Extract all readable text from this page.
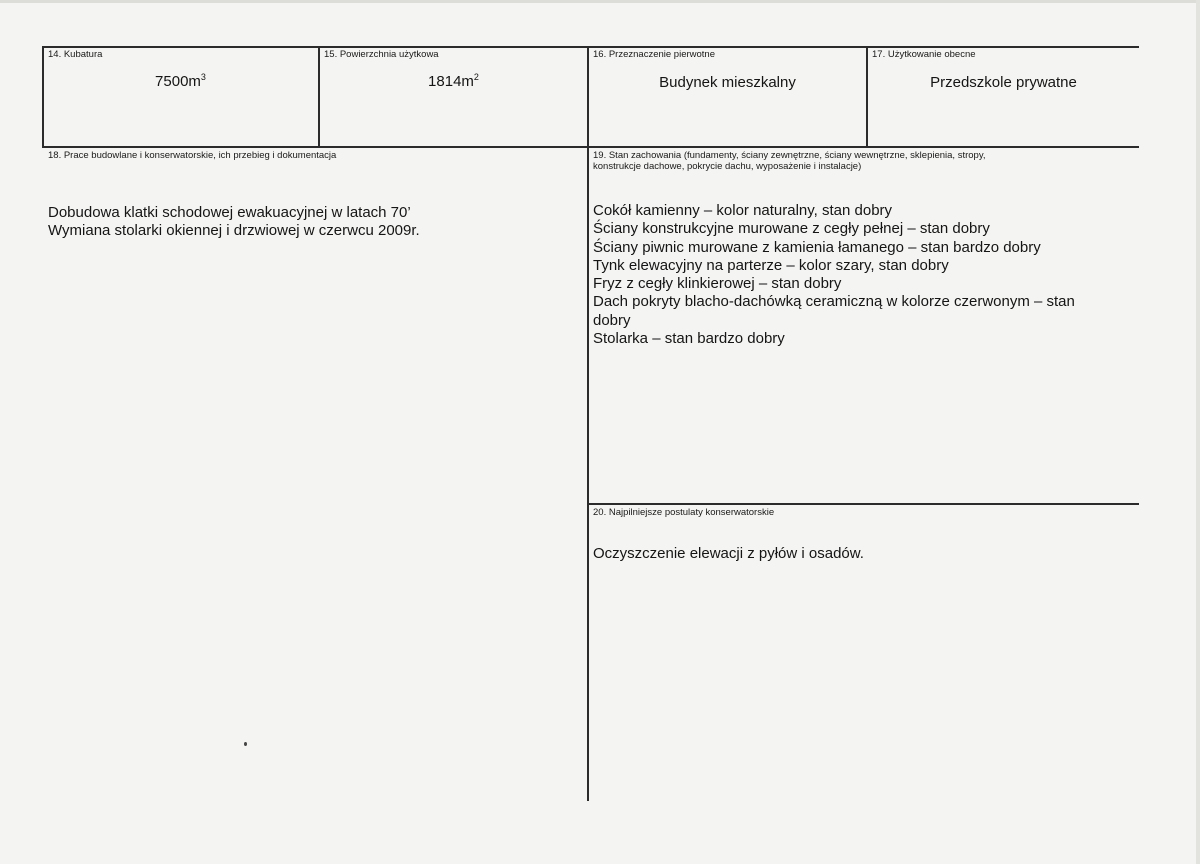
14. Kubatura
$7500m^3$
15. Powierzchnia użytkowa
$1814m^2$
16. Przeznaczenie pierwotne
Budynek mieszkalny
17. Użytkowanie obecne
Przedszkole prywatne
18. Prace budowlane i konserwatorskie, ich przebieg i dokumentacja
Dobudowa klatki schodowej ewakuacyjnej w latach 70’
Wymiana stolarki okiennej i drzwiowej w czerwcu 2009r.
19. Stan zachowania (fundamenty, ściany zewnętrzne, ściany wewnętrzne, sklepienia, stropy,
konstrukcje dachowe, pokrycie dachu, wyposażenie i instalacje)
Cokół kamienny – kolor naturalny, stan dobry
Ściany konstrukcyjne murowane z cegły pełnej – stan dobry
Ściany piwnic murowane z kamienia łamanego – stan bardzo dobry
Tynk elewacyjny na parterze – kolor szary, stan dobry
Fryz z cegły klinkierowej – stan dobry
Dach pokryty blacho-dachówką ceramiczną w kolorze czerwonym – stan
dobry
Stolarka – stan bardzo dobry
20. Najpilniejsze postulaty konserwatorskie
Oczyszczenie elewacji z pyłów i osadów.
